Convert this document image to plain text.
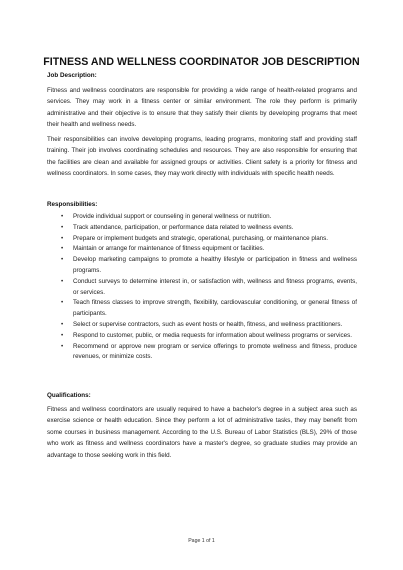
FITNESS AND WELLNESS COORDINATOR JOB DESCRIPTION
Job Description:
Fitness and wellness coordinators are responsible for providing a wide range of health-related programs and services. They may work in a fitness center or similar environment. The role they perform is primarily administrative and their objective is to ensure that they satisfy their clients by developing programs that meet their health and wellness needs.
Their responsibilities can involve developing programs, leading programs, monitoring staff and providing staff training. Their job involves coordinating schedules and resources. They are also responsible for ensuring that the facilities are clean and available for assigned groups or activities. Client safety is a priority for fitness and wellness coordinators. In some cases, they may work directly with individuals with specific health needs.
Responsibilities:
• Provide individual support or counseling in general wellness or nutrition.
• Track attendance, participation, or performance data related to wellness events.
• Prepare or implement budgets and strategic, operational, purchasing, or maintenance plans.
• Maintain or arrange for maintenance of fitness equipment or facilities.
• Develop marketing campaigns to promote a healthy lifestyle or participation in fitness and wellness programs.
• Conduct surveys to determine interest in, or satisfaction with, wellness and fitness programs, events, or services.
• Teach fitness classes to improve strength, flexibility, cardiovascular conditioning, or general fitness of participants.
• Select or supervise contractors, such as event hosts or health, fitness, and wellness practitioners.
• Respond to customer, public, or media requests for information about wellness programs or services.
• Recommend or approve new program or service offerings to promote wellness and fitness, produce revenues, or minimize costs.
Qualifications:
Fitness and wellness coordinators are usually required to have a bachelor's degree in a subject area such as exercise science or health education. Since they perform a lot of administrative tasks, they may benefit from some courses in business management. According to the U.S. Bureau of Labor Statistics (BLS), 29% of those who work as fitness and wellness coordinators have a master's degree, so graduate studies may provide an advantage to those seeking work in this field.
Page 1 of 1
